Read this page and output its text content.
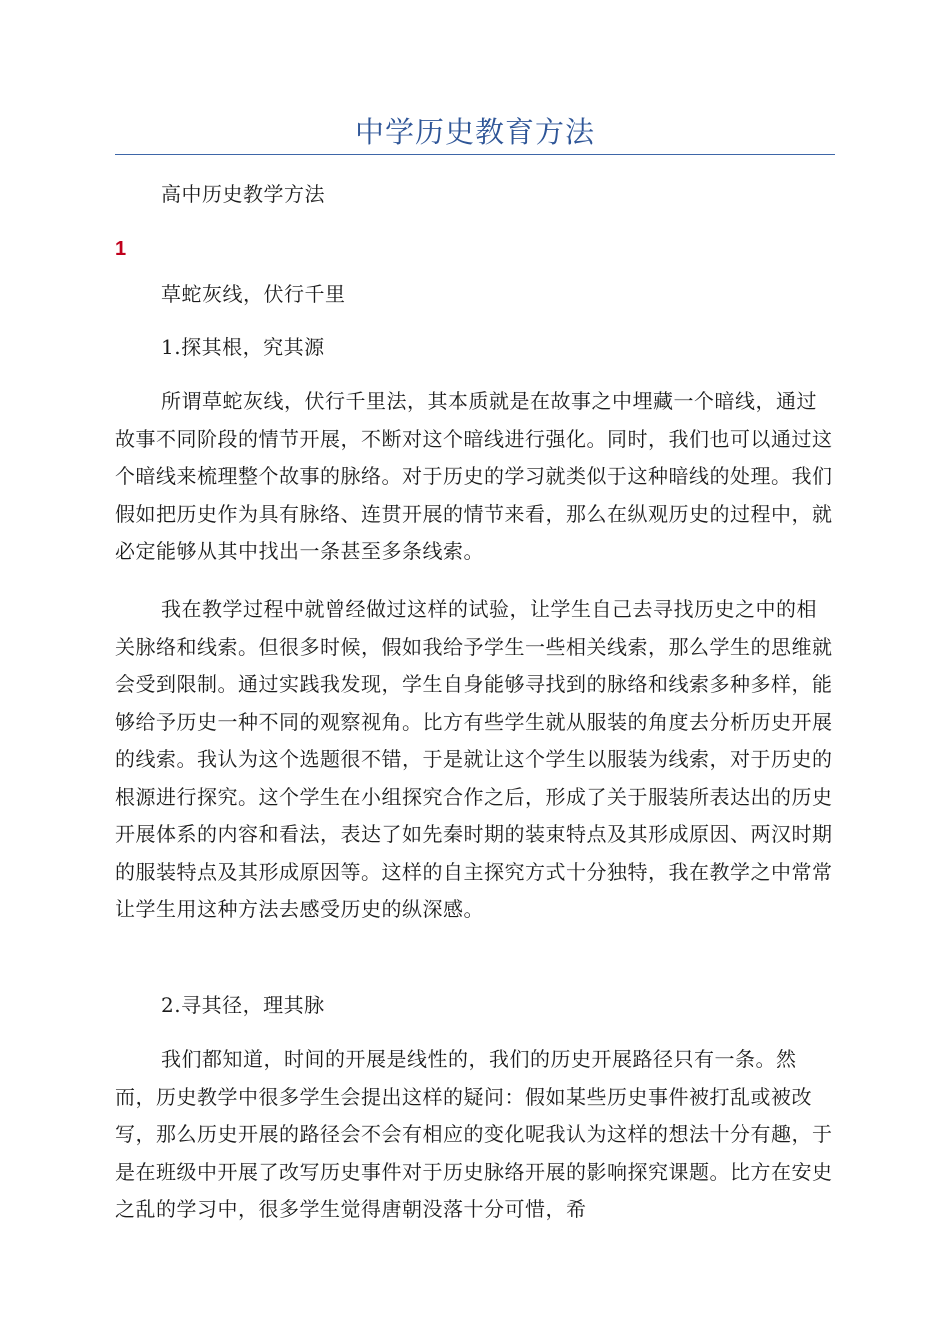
中学历史教育方法

高中历史教学方法

1

草蛇灰线，伏行千里

1.探其根，究其源

所谓草蛇灰线，伏行千里法，其本质就是在故事之中埋藏一个暗线，通过故事不同阶段的情节开展，不断对这个暗线进行强化。同时，我们也可以通过这个暗线来梳理整个故事的脉络。对于历史的学习就类似于这种暗线的处理。我们假如把历史作为具有脉络、连贯开展的情节来看，那么在纵观历史的过程中，就必定能够从其中找出一条甚至多条线索。

我在教学过程中就曾经做过这样的试验，让学生自己去寻找历史之中的相关脉络和线索。但很多时候，假如我给予学生一些相关线索，那么学生的思维就会受到限制。通过实践我发现，学生自身能够寻找到的脉络和线索多种多样，能够给予历史一种不同的观察视角。比方有些学生就从服装的角度去分析历史开展的线索。我认为这个选题很不错，于是就让这个学生以服装为线索，对于历史的根源进行探究。这个学生在小组探究合作之后，形成了关于服装所表达出的历史开展体系的内容和看法，表达了如先秦时期的装束特点及其形成原因、两汉时期的服装特点及其形成原因等。这样的自主探究方式十分独特，我在教学之中常常让学生用这种方法去感受历史的纵深感。

2.寻其径，理其脉

我们都知道，时间的开展是线性的，我们的历史开展路径只有一条。然而，历史教学中很多学生会提出这样的疑问：假如某些历史事件被打乱或被改写，那么历史开展的路径会不会有相应的变化呢我认为这样的想法十分有趣，于是在班级中开展了改写历史事件对于历史脉络开展的影响探究课题。比方在安史之乱的学习中，很多学生觉得唐朝没落十分可惜，希
